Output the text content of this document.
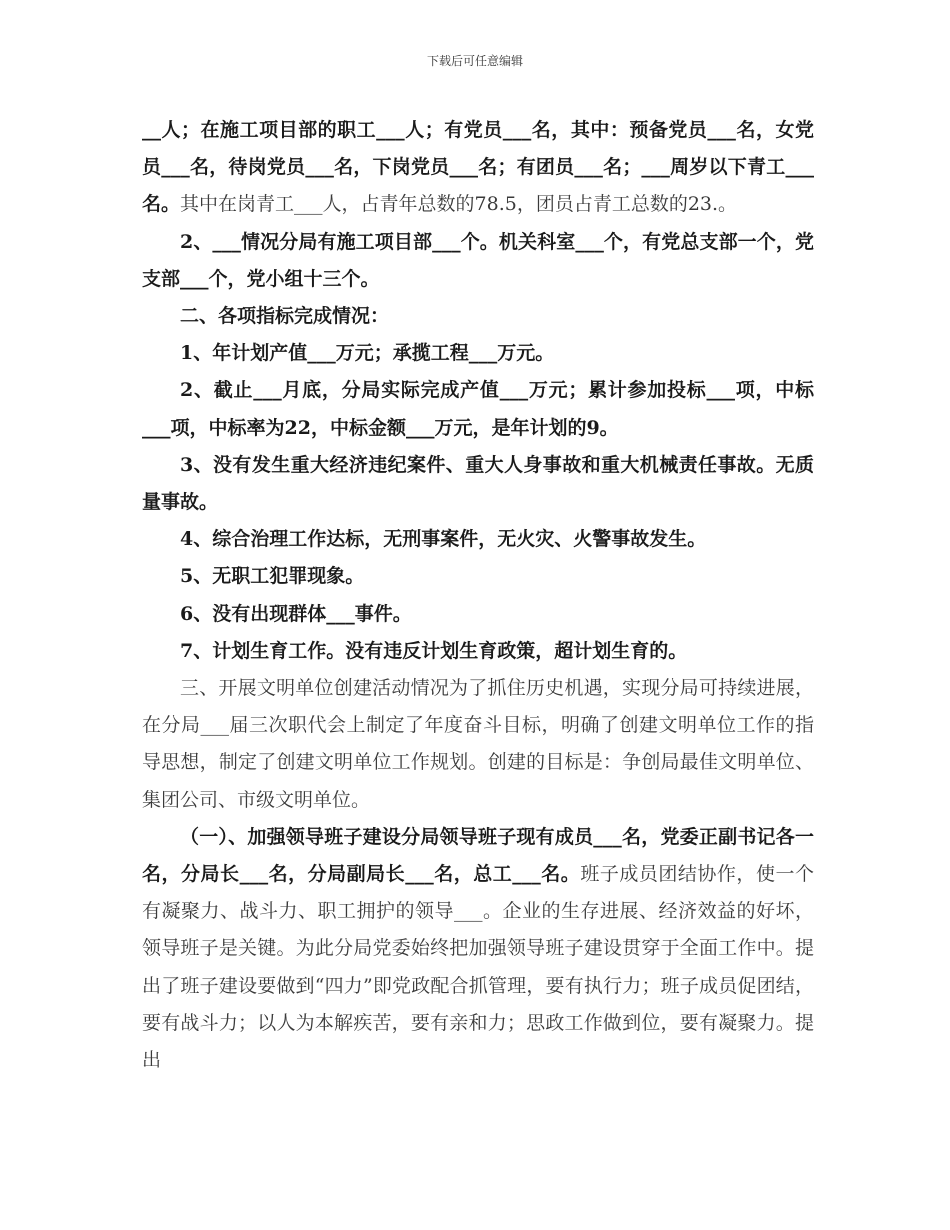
下载后可任意编辑

__人；在施工项目部的职工___人；有党员___名，其中：预备党员___名，女党员___名，待岗党员___名，下岗党员___名；有团员___名；___周岁以下青工___名。其中在岗青工___人，占青年总数的78.5，团员占青工总数的23.。

2、___情况分局有施工项目部___个。机关科室___个，有党总支部一个，党支部___个，党小组十三个。

二、各项指标完成情况：

1、年计划产值___万元；承揽工程___万元。

2、截止___月底，分局实际完成产值___万元；累计参加投标___项，中标___项，中标率为22，中标金额___万元，是年计划的9。

3、没有发生重大经济违纪案件、重大人身事故和重大机械责任事故。无质量事故。

4、综合治理工作达标，无刑事案件，无火灾、火警事故发生。

5、无职工犯罪现象。

6、没有出现群体___事件。

7、计划生育工作。没有违反计划生育政策，超计划生育的。

三、开展文明单位创建活动情况为了抓住历史机遇，实现分局可持续进展，在分局___届三次职代会上制定了年度奋斗目标，明确了创建文明单位工作的指导思想，制定了创建文明单位工作规划。创建的目标是：争创局最佳文明单位、集团公司、市级文明单位。

（一）、加强领导班子建设分局领导班子现有成员___名，党委正副书记各一名，分局长___名，分局副局长___名，总工___名。班子成员团结协作，使一个有凝聚力、战斗力、职工拥护的领导___。企业的生存进展、经济效益的好坏，领导班子是关键。为此分局党委始终把加强领导班子建设贯穿于全面工作中。提出了班子建设要做到“四力”即党政配合抓管理，要有执行力；班子成员促团结，要有战斗力；以人为本解疾苦，要有亲和力；思政工作做到位，要有凝聚力。提出
